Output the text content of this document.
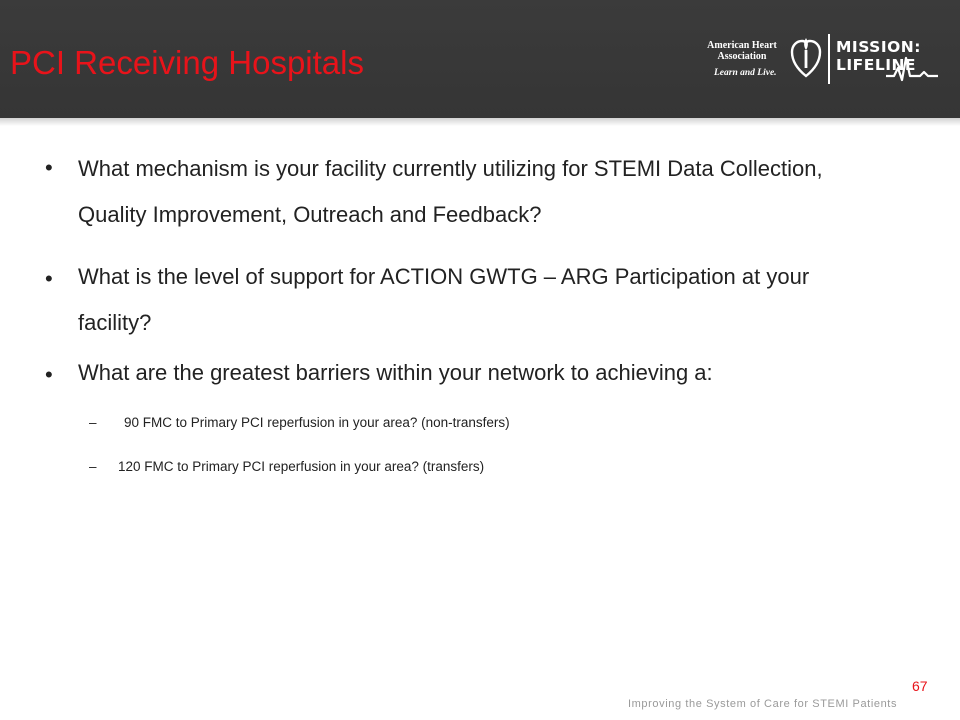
PCI Receiving Hospitals	American Heart
Association
Learn and Live.
MISSION:
LIFELINE
• What mechanism is your facility currently utilizing for STEMI Data Collection, Quality Improvement, Outreach and Feedback?
• What is the level of support for ACTION GWTG – ARG Participation at your facility?
• What are the greatest barriers within your network to achieving a:
– 90 FMC to Primary PCI reperfusion in your area? (non-transfers)
– 120 FMC to Primary PCI reperfusion in your area? (transfers)
67
Improving the System of Care for STEMI Patients
